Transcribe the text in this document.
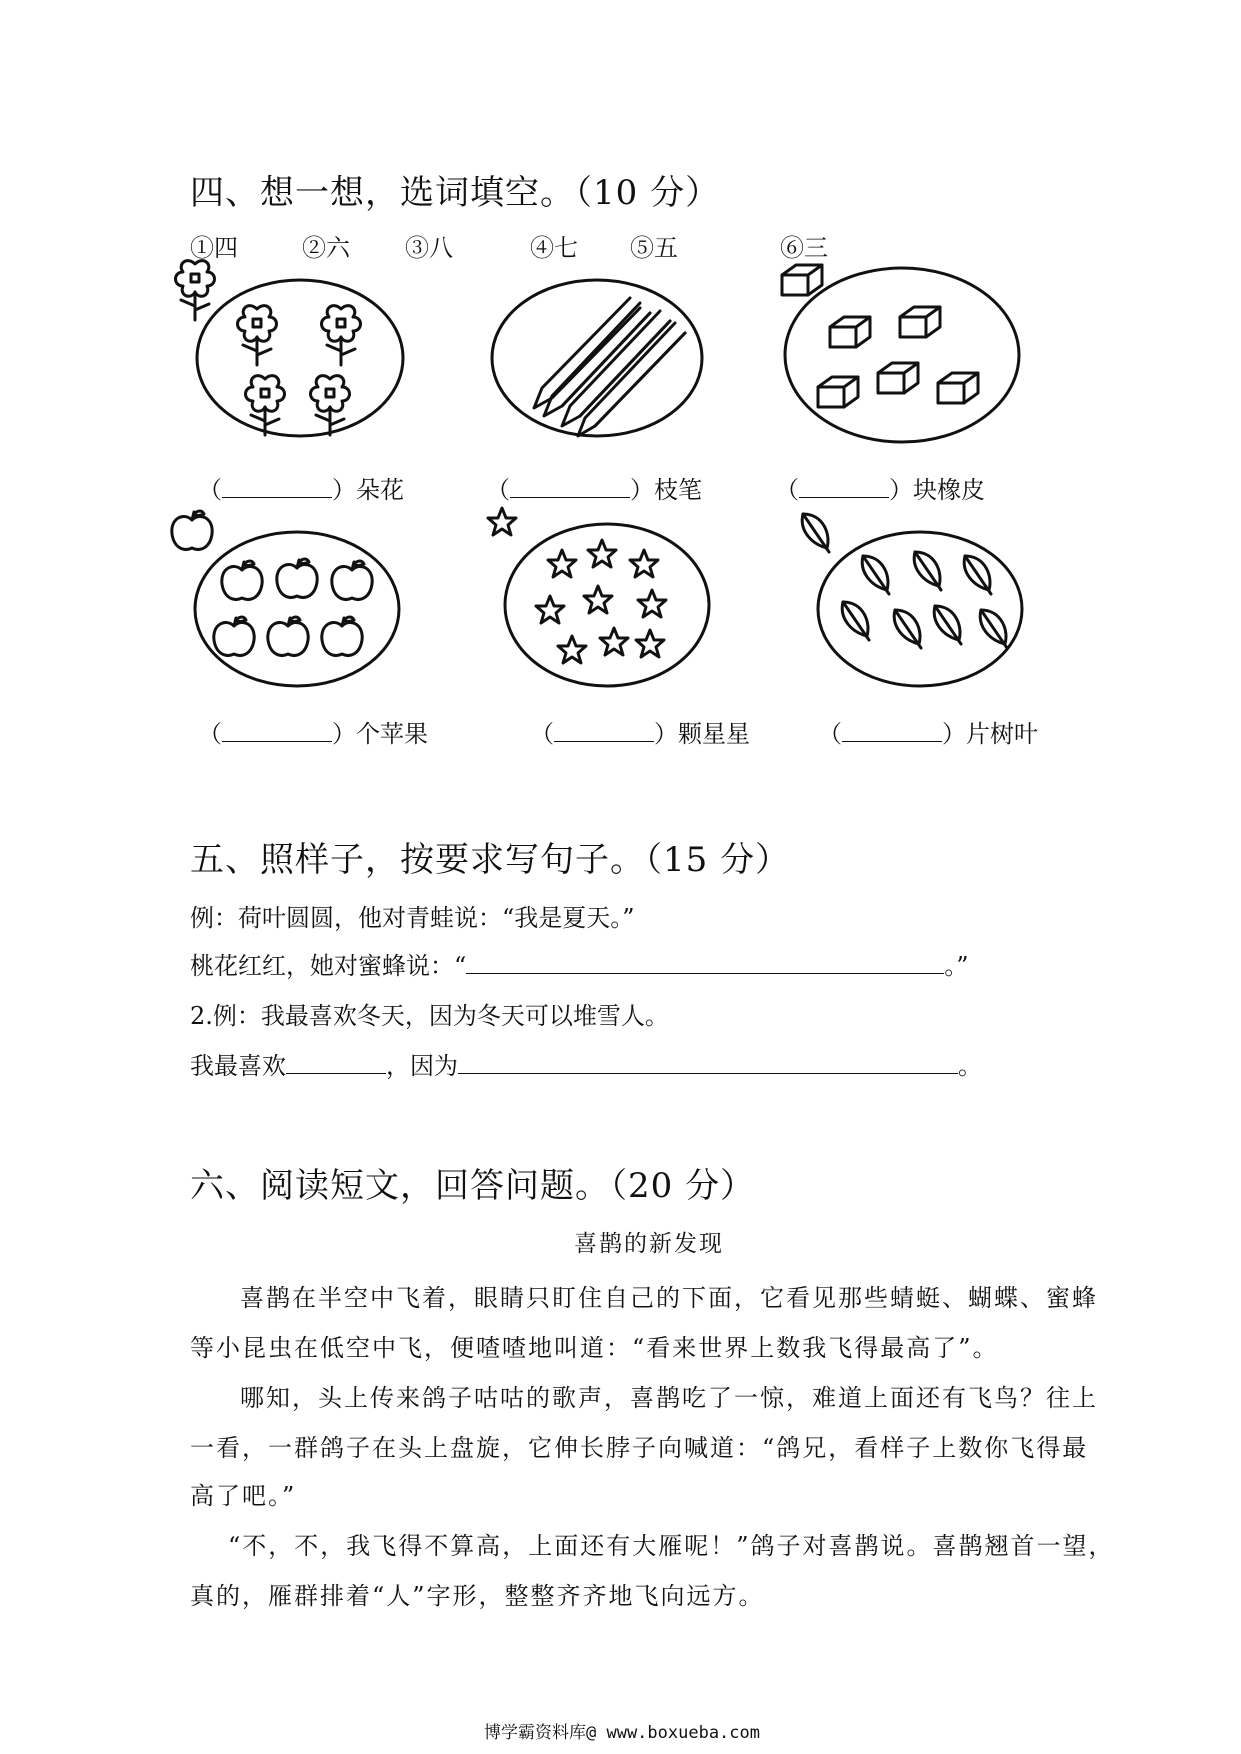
四、想一想，选词填空。（10 分）
①四	②六 ③八	④七 ⑤五	⑥三
（	）朵花	（	）枝笔	（	）块橡皮
（	）个苹果	（	）颗星星	（	）片树叶
五、照样子，按要求写句子。（15 分）
例：荷叶圆圆，他对青蛙说：“我是夏天。”
桃花红红，她对蜜蜂说：“	。”
2.例：我最喜欢冬天，因为冬天可以堆雪人。
我最喜欢	，因为	。
六、阅读短文，回答问题。（20 分）
喜鹊的新发现
喜鹊在半空中飞着，眼睛只盯住自己的下面，它看见那些蜻蜓、蝴蝶、蜜蜂
等小昆虫在低空中飞，便喳喳地叫道：“看来世界上数我飞得最高了”。
哪知，头上传来鸽子咕咕的歌声，喜鹊吃了一惊，难道上面还有飞鸟？往上
一看，一群鸽子在头上盘旋，它伸长脖子向喊道：“鸽兄，看样子上数你飞得最
高了吧。”
“不，不，我飞得不算高，上面还有大雁呢！”鸽子对喜鹊说。喜鹊翘首一望，
真的，雁群排着“人”字形，整整齐齐地飞向远方。
博学霸资料库@ www.boxueba.com
